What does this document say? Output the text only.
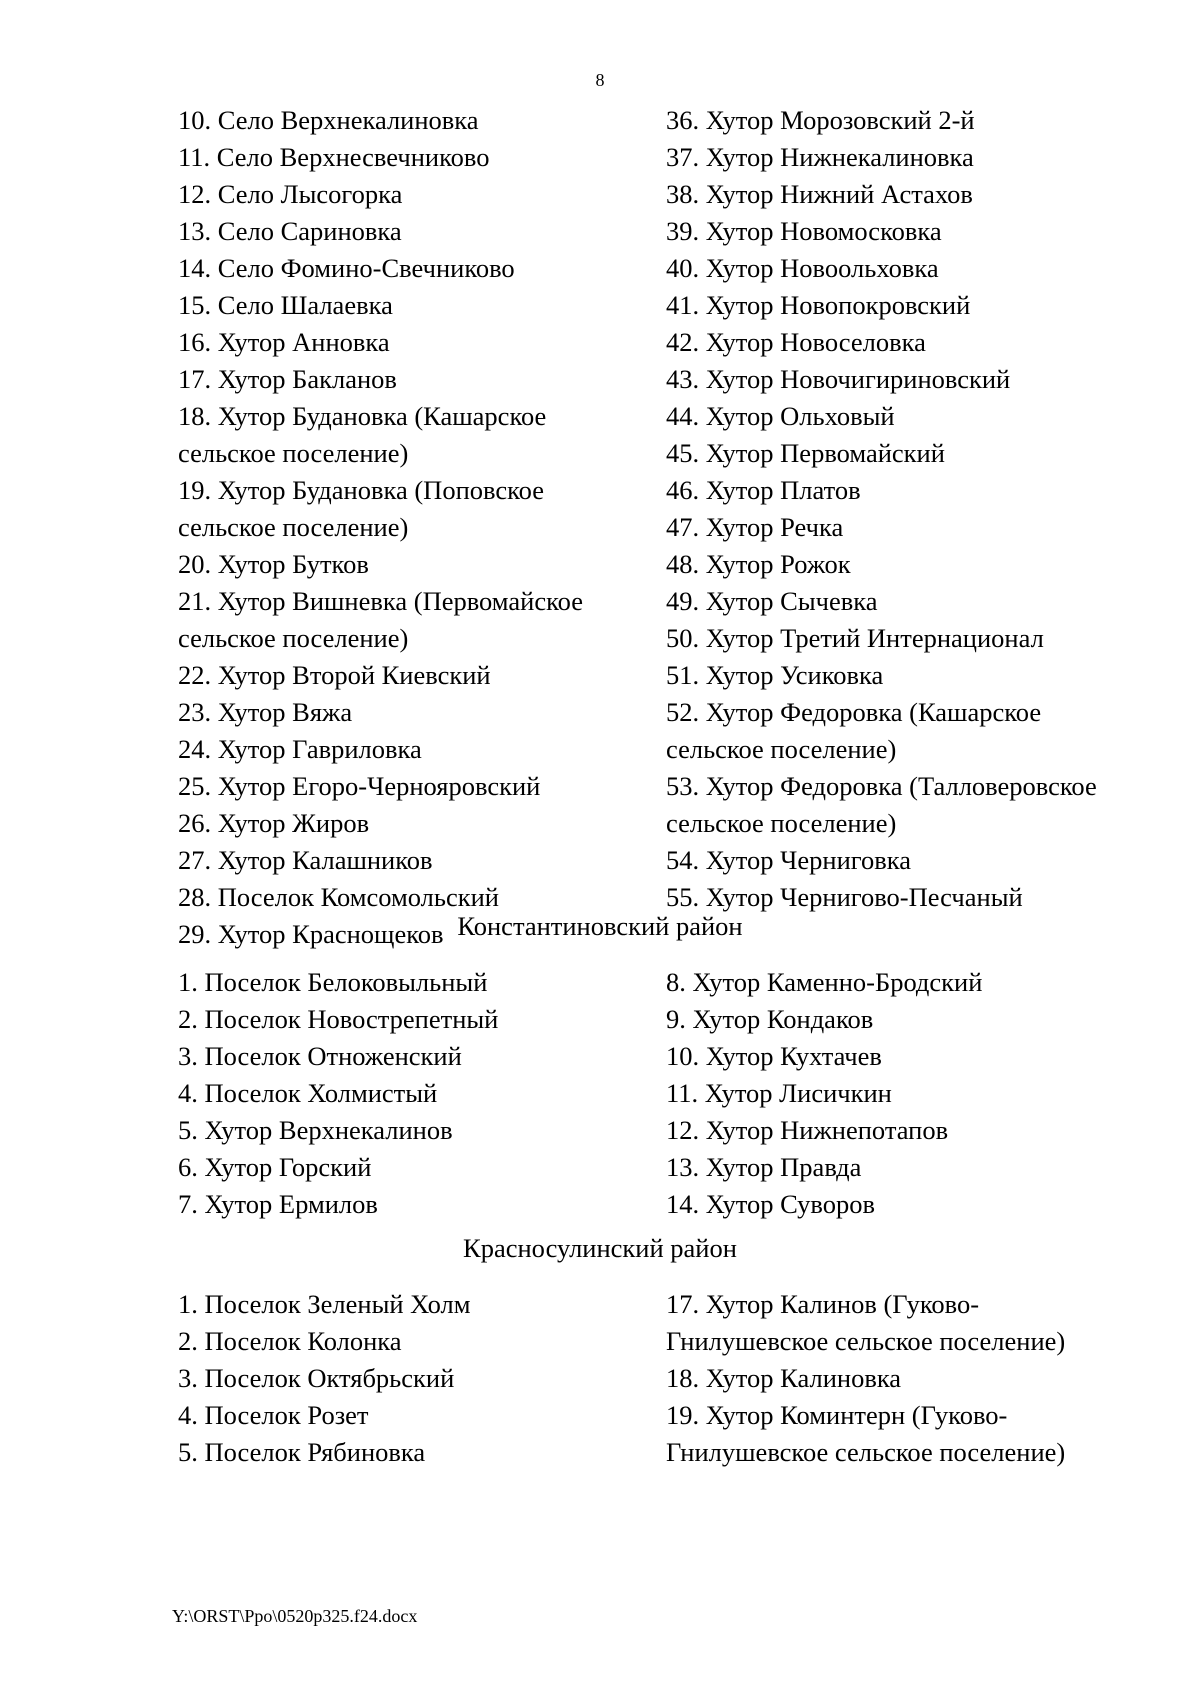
8
10. Село Верхнекалиновка
11. Село Верхнесвечниково
12. Село Лысогорка
13. Село Сариновка
14. Село Фомино-Свечниково
15. Село Шалаевка
16. Хутор Анновка
17. Хутор Бакланов
18. Хутор Будановка (Кашарское
сельское поселение)
19. Хутор Будановка (Поповское
сельское поселение)
20. Хутор Бутков
21. Хутор Вишневка (Первомайское
сельское поселение)
22. Хутор Второй Киевский
23. Хутор Вяжа
24. Хутор Гавриловка
25. Хутор Егоро-Чернояровский
26. Хутор Жиров
27. Хутор Калашников
28. Поселок Комсомольский
29. Хутор Краснощеков
36. Хутор Морозовский 2-й
37. Хутор Нижнекалиновка
38. Хутор Нижний Астахов
39. Хутор Новомосковка
40. Хутор Новоольховка
41. Хутор Новопокровский
42. Хутор Новоселовка
43. Хутор Новочигириновский
44. Хутор Ольховый
45. Хутор Первомайский
46. Хутор Платов
47. Хутор Речка
48. Хутор Рожок
49. Хутор Сычевка
50. Хутор Третий Интернационал
51. Хутор Усиковка
52. Хутор Федоровка (Кашарское
сельское поселение)
53. Хутор Федоровка (Талловеровское
сельское поселение)
54. Хутор Черниговка
55. Хутор Чернигово-Песчаный
Константиновский район
1. Поселок Белоковыльный
2. Поселок Новострепетный
3. Поселок Отноженский
4. Поселок Холмистый
5. Хутор Верхнекалинов
6. Хутор Горский
7. Хутор Ермилов
8. Хутор Каменно-Бродский
9. Хутор Кондаков
10. Хутор Кухтачев
11. Хутор Лисичкин
12. Хутор Нижнепотапов
13. Хутор Правда
14. Хутор Суворов
Красносулинский район
1. Поселок Зеленый Холм
2. Поселок Колонка
3. Поселок Октябрьский
4. Поселок Розет
5. Поселок Рябиновка
17. Хутор Калинов (Гуково-
Гнилушевское сельское поселение)
18. Хутор Калиновка
19. Хутор Коминтерн (Гуково-
Гнилушевское сельское поселение)
Y:\ORST\Ppo\0520p325.f24.docx
